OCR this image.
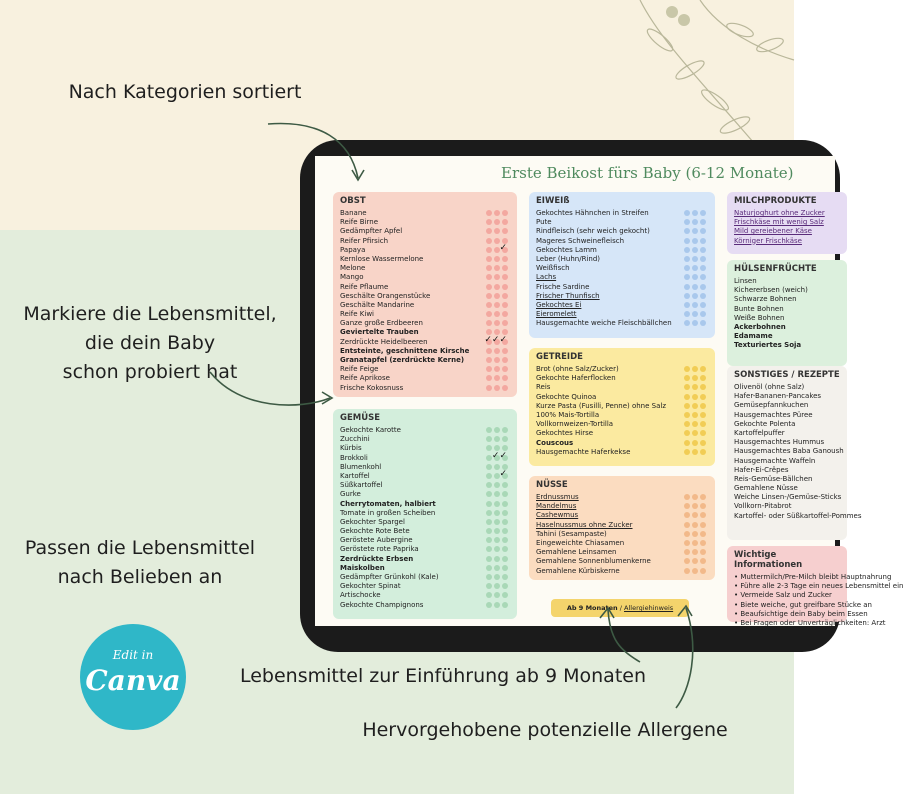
Nach Kategorien sortiert
Markiere die Lebensmittel,
die dein Baby
schon probiert hat
Passen die Lebensmittel
nach Belieben an
Lebensmittel zur Einführung ab 9 Monaten
Hervorgehobene potenzielle Allergene
Edit in
Canva
Erste Beikost fürs Baby (6-12 Monate)
OBST
Banane
Reife Birne
Gedämpfter Apfel
Reifer Pfirsich
Papaya	✓
Kernlose Wassermelone
Melone
Mango
Reife Pflaume
Geschälte Orangenstücke
Geschälte Mandarine
Reife Kiwi
Ganze große Erdbeeren
Geviertelte Trauben
Zerdrückte Heidelbeeren	✓✓✓
Entsteinte, geschnittene Kirsche
Granatapfel (zerdrückte Kerne)
Reife Feige
Reife Aprikose
Frische Kokosnuss
GEMÜSE
Gekochte Karotte
Zucchini
Kürbis
Brokkoli	✓✓
Blumenkohl
Kartoffel	✓
Süßkartoffel
Gurke
Cherrytomaten, halbiert
Tomate in großen Scheiben
Gekochter Spargel
Gekochte Rote Bete
Geröstete Aubergine
Geröstete rote Paprika
Zerdrückte Erbsen
Maiskolben
Gedämpfter Grünkohl (Kale)
Gekochter Spinat
Artischocke
Gekochte Champignons
EIWEIß
Gekochtes Hähnchen in Streifen
Pute
Rindfleisch (sehr weich gekocht)
Mageres Schweinefleisch
Gekochtes Lamm
Leber (Huhn/Rind)
Weißfisch
Lachs
Frische Sardine
Frischer Thunfisch
Gekochtes Ei
Eieromelett
Hausgemachte weiche Fleischbällchen
GETREIDE
Brot (ohne Salz/Zucker)
Gekochte Haferflocken
Reis
Gekochte Quinoa
Kurze Pasta (Fusilli, Penne) ohne Salz
100% Mais-Tortilla
Vollkornweizen-Tortilla
Gekochtes Hirse
Couscous
Hausgemachte Haferkekse
NÜSSE
Erdnussmus
Mandelmus
Cashewmus
Haselnussmus ohne Zucker
Tahini (Sesampaste)
Eingeweichte Chiasamen
Gemahlene Leinsamen
Gemahlene Sonnenblumenkerne
Gemahlene Kürbiskerne
MILCHPRODUKTE
Naturjoghurt ohne Zucker
Frischkäse mit wenig Salz
Mild gereiebener Käse
Körniger Frischkäse
HÜLSENFRÜCHTE
Linsen
Kichererbsen (weich)
Schwarze Bohnen
Bunte Bohnen
Weiße Bohnen
Ackerbohnen
Edamame
Texturiertes Soja
SONSTIGES / REZEPTE
Olivenöl (ohne Salz)
Hafer-Bananen-Pancakes
Gemüsepfannkuchen
Hausgemachtes Püree
Gekochte Polenta
Kartoffelpuffer
Hausgemachtes Hummus
Hausgemachtes Baba Ganoush
Hausgemachte Waffeln
Hafer-Ei-Crêpes
Reis-Gemüse-Bällchen
Gemahlene Nüsse
Weiche Linsen-/Gemüse-Sticks
Vollkorn-Pitabrot
Kartoffel- oder Süßkartoffel-Pommes
Wichtige Informationen
• Muttermilch/Pre-Milch bleibt Hauptnahrung
• Führe alle 2-3 Tage ein neues Lebensmittel ein
• Vermeide Salz und Zucker
• Biete weiche, gut greifbare Stücke an
• Beaufsichtige dein Baby beim Essen
• Bei Fragen oder Unverträglichkeiten: Arzt
Ab 9 Monaten / Allergiehinweis
